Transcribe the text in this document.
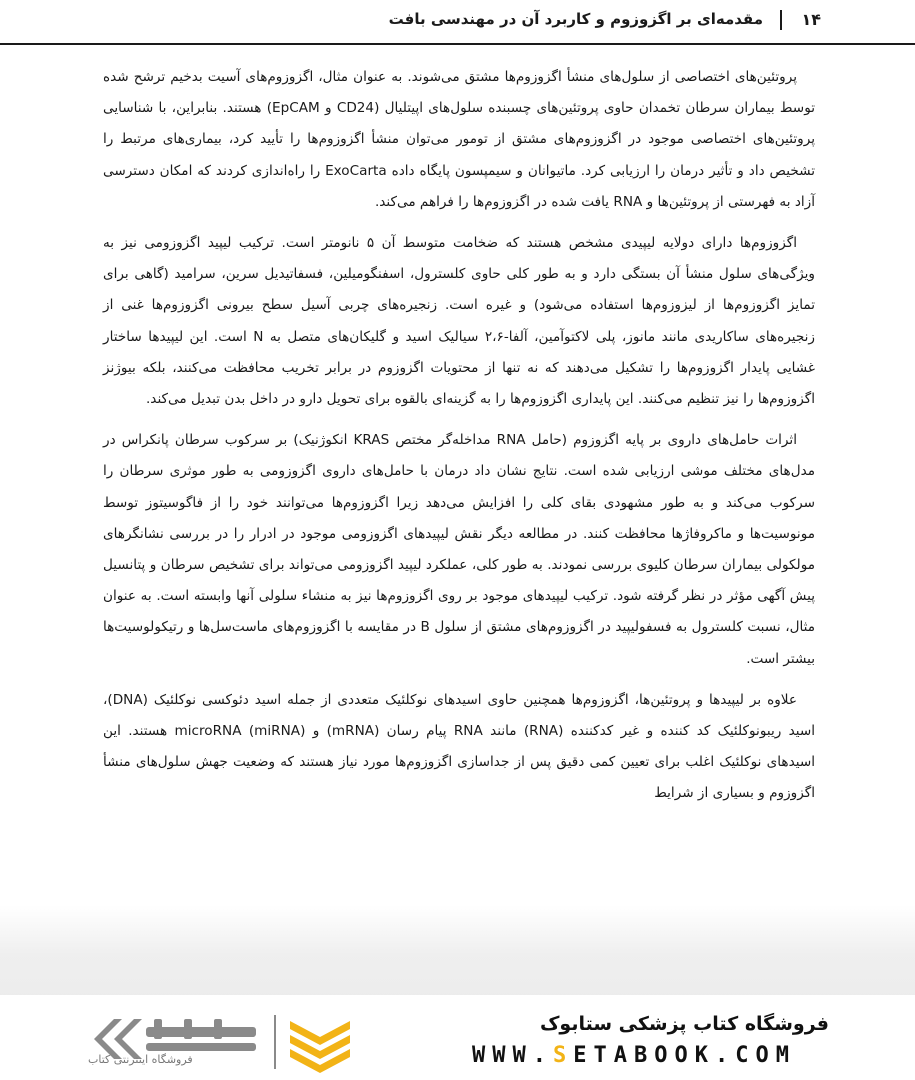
۱۴
مقدمه‌ای بر اگزوزوم و کاربرد آن در مهندسی بافت

پروتئین‌های اختصاصی از سلول‌های منشأ اگزوزوم‌ها مشتق می‌شوند. به عنوان مثال، اگزوزوم‌های آسیت بدخیم ترشح شده توسط بیماران سرطان تخمدان حاوی پروتئین‌های چسبنده سلول‌های اپیتلیال (CD24 و EpCAM) هستند. بنابراین، با شناسایی پروتئین‌های اختصاصی موجود در اگزوزوم‌های مشتق از تومور می‌توان منشأ اگزوزوم‌ها را تأیید کرد، بیماری‌های مرتبط را تشخیص داد و تأثیر درمان را ارزیابی کرد. ماتیوانان و سیمپسون پایگاه داده ExoCarta را راه‌اندازی کردند که امکان دسترسی آزاد به فهرستی از پروتئین‌ها و RNA یافت شده در اگزوزوم‌ها را فراهم می‌کند.

اگزوزوم‌ها دارای دولایه لیپیدی مشخص هستند که ضخامت متوسط آن ۵ نانومتر است. ترکیب لیپید اگزوزومی نیز به ویژگی‌های سلول منشأ آن بستگی دارد و به طور کلی حاوی کلسترول، اسفنگومیلین، فسفاتیدیل سرین، سرامید (گاهی برای تمایز اگزوزوم‌ها از لیزوزوم‌ها استفاده می‌شود) و غیره است. زنجیره‌های چربی آسیل سطح بیرونی اگزوزوم‌ها غنی از زنجیره‌های ساکاریدی مانند مانوز، پلی لاکتوآمین، آلفا-۲،۶ سیالیک اسید و گلیکان‌های متصل به N است. این لیپیدها ساختار غشایی پایدار اگزوزوم‌ها را تشکیل می‌دهند که نه تنها از محتویات اگزوزوم در برابر تخریب محافظت می‌کنند، بلکه بیوژنز اگزوزوم‌ها را نیز تنظیم می‌کنند. این پایداری اگزوزوم‌ها را به گزینه‌ای بالقوه برای تحویل دارو در داخل بدن تبدیل می‌کند.

اثرات حامل‌های داروی بر پایه اگزوزوم (حامل RNA مداخله‌گر مختص KRAS انکوژنیک) بر سرکوب سرطان پانکراس در مدل‌های مختلف موشی ارزیابی شده است. نتایج نشان داد درمان با حامل‌های داروی اگزوزومی به طور موثری سرطان را سرکوب می‌کند و به طور مشهودی بقای کلی را افزایش می‌دهد زیرا اگزوزوم‌ها می‌توانند خود را از فاگوسیتوز توسط مونوسیت‌ها و ماکروفاژها محافظت کنند. در مطالعه دیگر نقش لیپیدهای اگزوزومی موجود در ادرار را در بررسی نشانگرهای مولکولی بیماران سرطان کلیوی بررسی نمودند. به طور کلی، عملکرد لیپید اگزوزومی می‌تواند برای تشخیص سرطان و پتانسیل پیش آگهی مؤثر در نظر گرفته شود. ترکیب لیپیدهای موجود بر روی اگزوزوم‌ها نیز به منشاء سلولی آنها وابسته است. به عنوان مثال، نسبت کلسترول به فسفولیپید در اگزوزوم‌های مشتق از سلول B در مقایسه با اگزوزوم‌های ماست‌سل‌ها و رتیکولوسیت‌ها بیشتر است.

علاوه بر لیپیدها و پروتئین‌ها، اگزوزوم‌ها همچنین حاوی اسیدهای نوکلئیک متعددی از جمله اسید دئوکسی نوکلئیک (DNA)، اسید ریبونوکلئیک کد کننده و غیر کدکننده (RNA) مانند RNA پیام رسان (mRNA) و microRNA (miRNA) هستند. این اسیدهای نوکلئیک اغلب برای تعیین کمی دقیق پس از جداسازی اگزوزوم‌ها مورد نیاز هستند که وضعیت جهش سلول‌های منشأ اگزوزوم و بسیاری از شرایط

فروشگاه اینترنتی کتاب
فروشگاه کتاب پزشکی ستابوک
WWW.SETABOOK.COM
